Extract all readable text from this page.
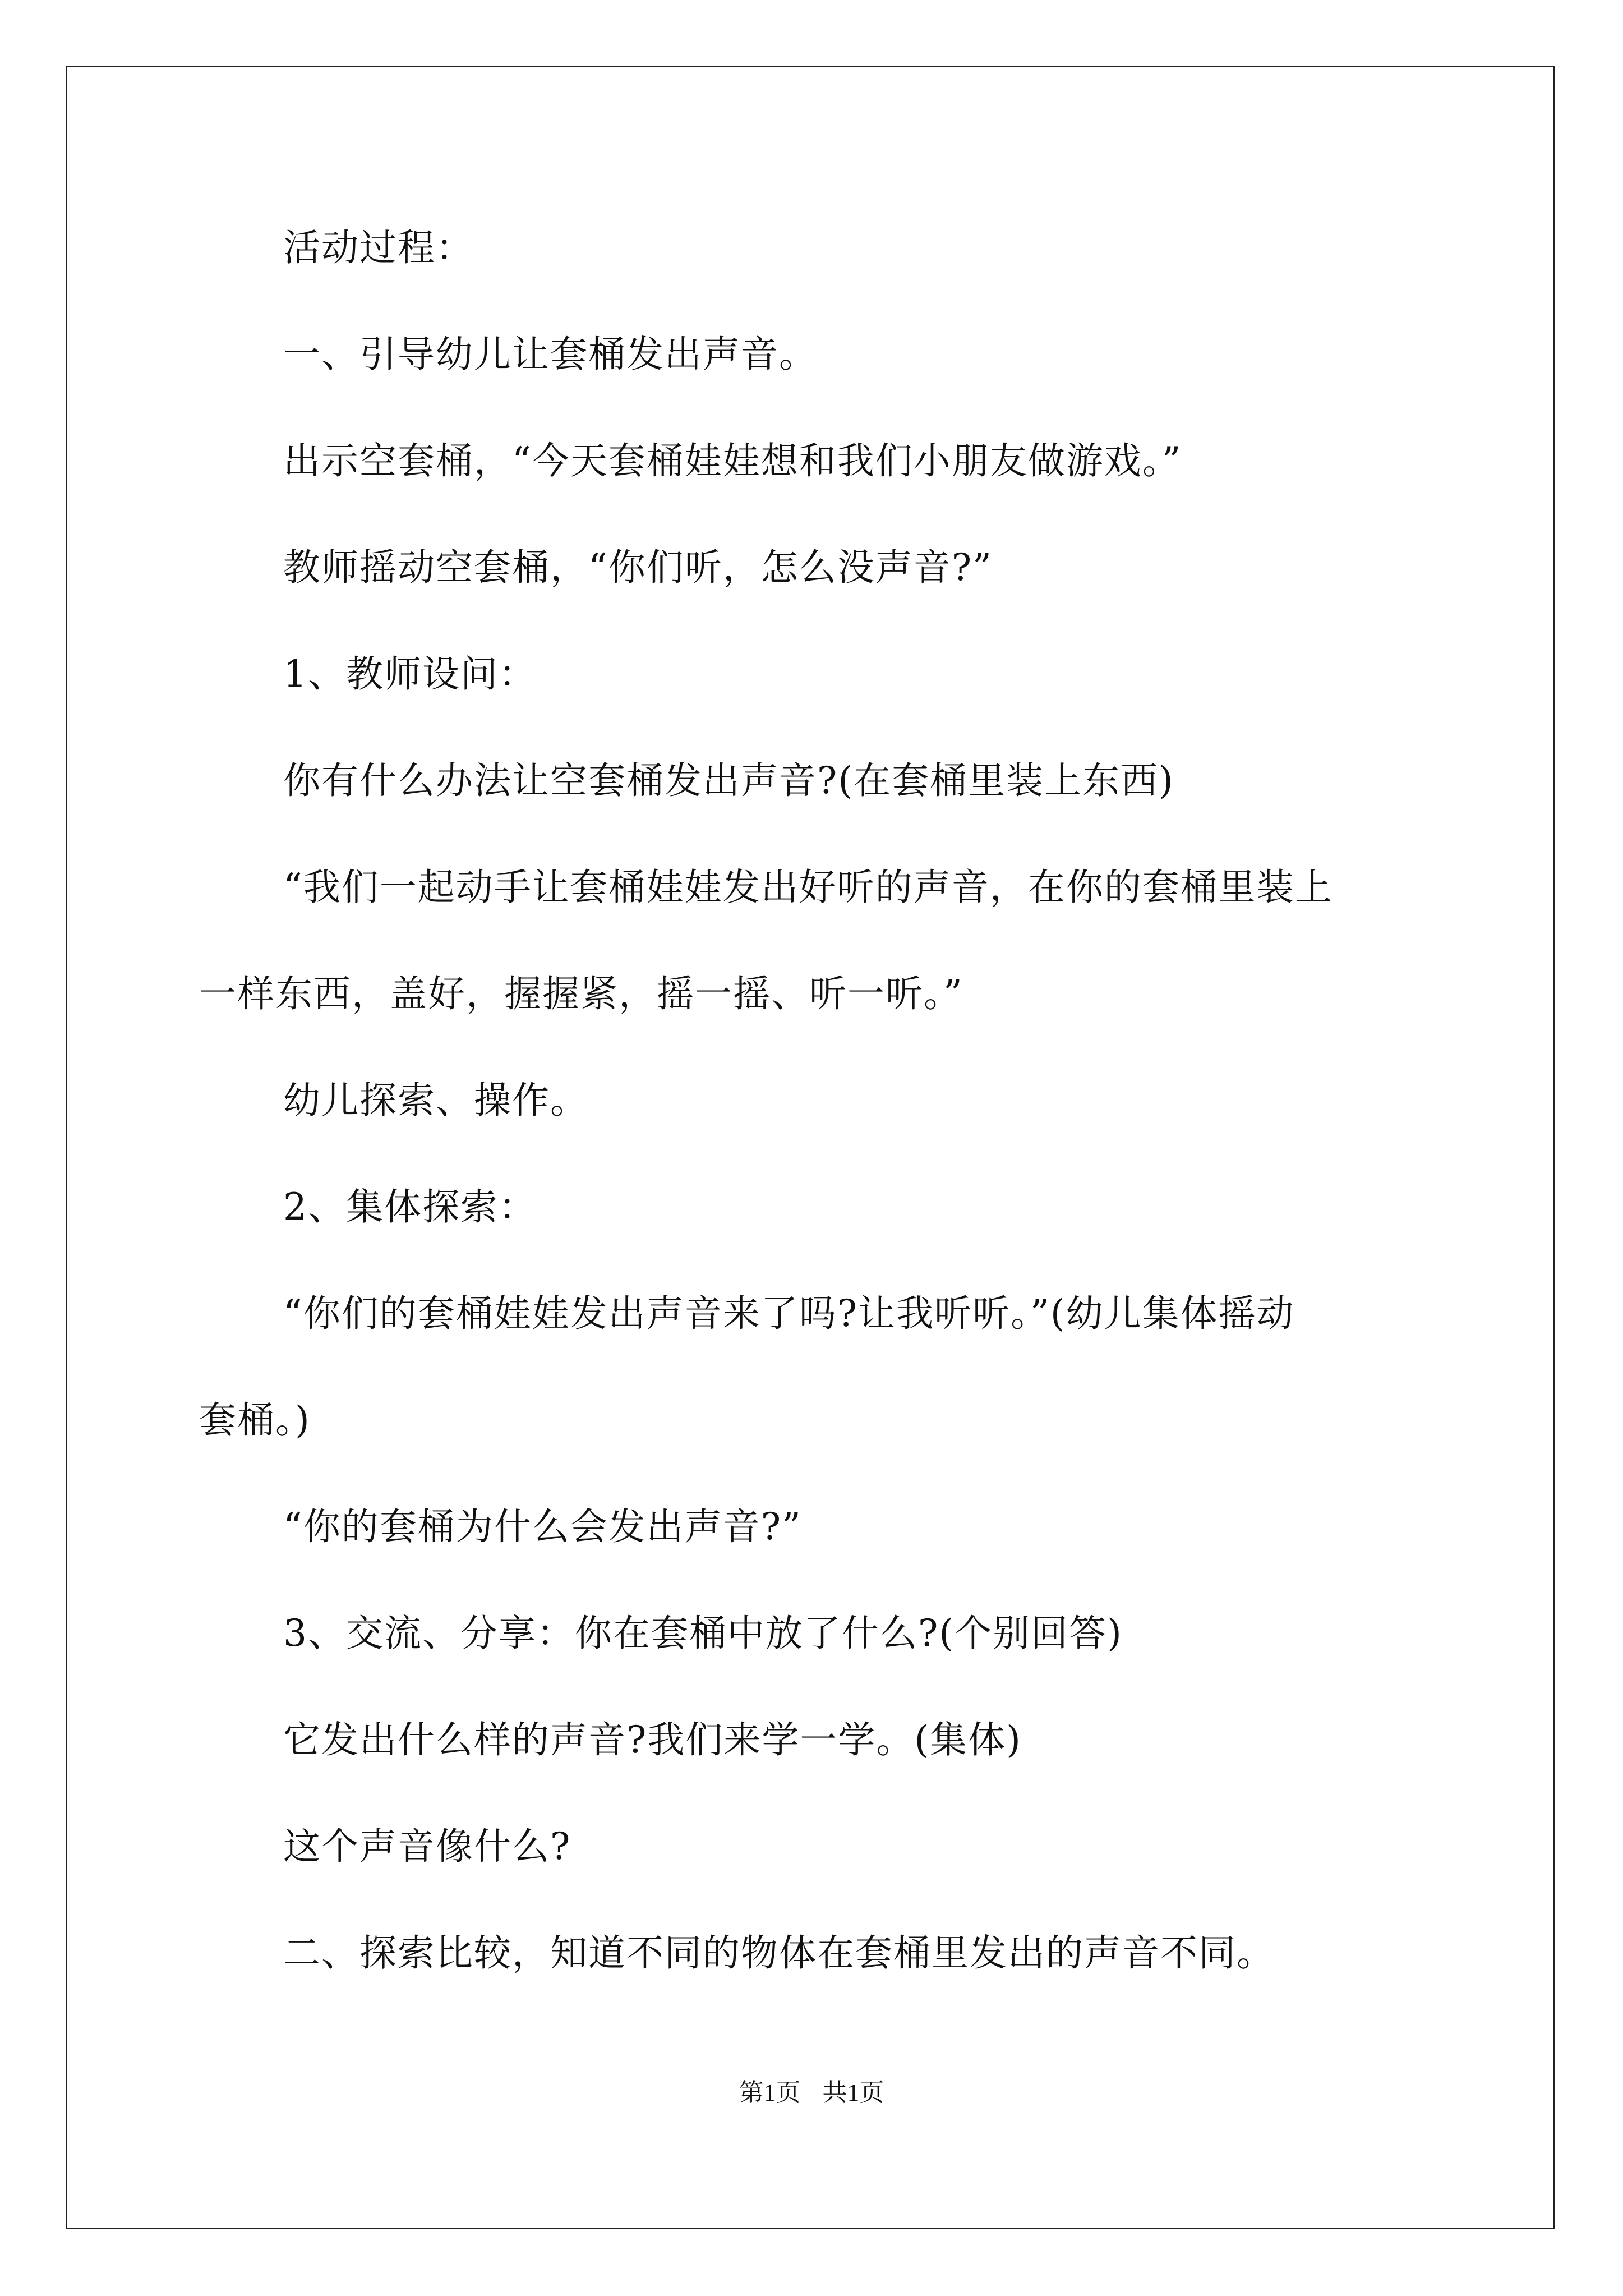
活动过程：
一、引导幼儿让套桶发出声音。
出示空套桶，“今天套桶娃娃想和我们小朋友做游戏。”
教师摇动空套桶，“你们听，怎么没声音?”
1、教师设问：
你有什么办法让空套桶发出声音?(在套桶里装上东西)
“我们一起动手让套桶娃娃发出好听的声音，在你的套桶里装上
一样东西，盖好，握握紧，摇一摇、听一听。”
幼儿探索、操作。
2、集体探索：
“你们的套桶娃娃发出声音来了吗?让我听听。”(幼儿集体摇动
套桶。)
“你的套桶为什么会发出声音?”
3、交流、分享：你在套桶中放了什么?(个别回答)
它发出什么样的声音?我们来学一学。(集体)
这个声音像什么?
二、探索比较，知道不同的物体在套桶里发出的声音不同。
第1页 共1页
